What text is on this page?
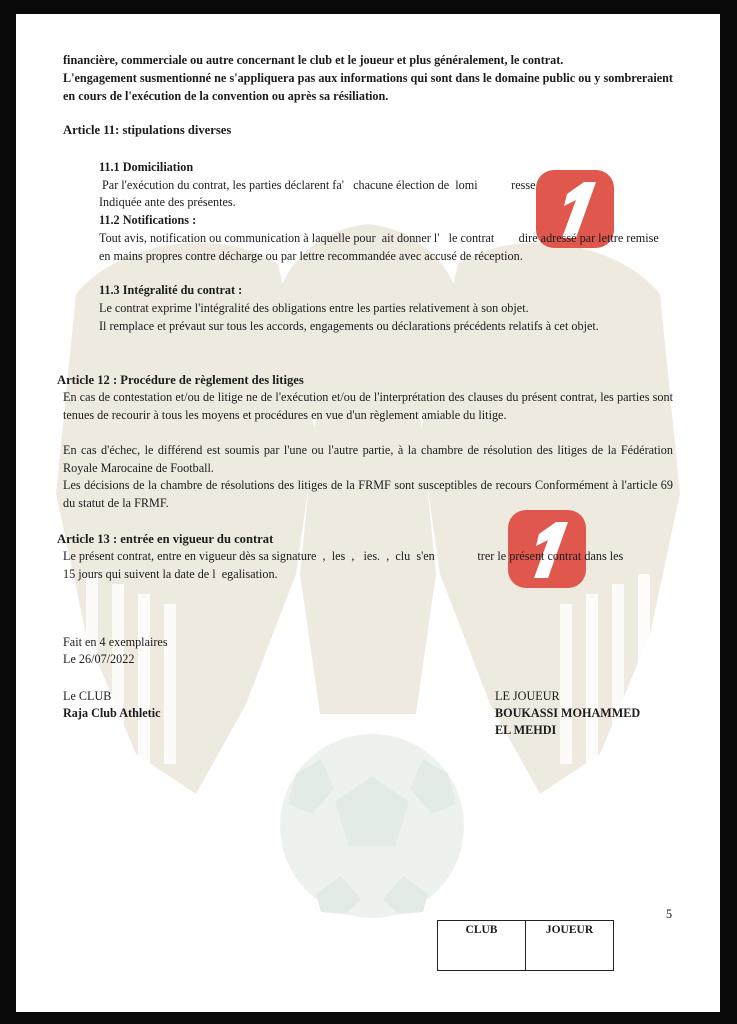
financière, commerciale ou autre concernant le club et le joueur et plus généralement, le contrat.

L'engagement susmentionné ne s'appliquera pas aux informations qui sont dans le domaine public ou y sombreraient en cours de l'exécution de la convention ou après sa résiliation.

Article 11: stipulations diverses

11.1 Domiciliation

Par l'exécution du contrat, les parties déclarent fa'   chacune élection de  lomi           resse

Indiquée ante des présentes.

11.2 Notifications :

Tout avis, notification ou communication à laquelle pour  ait donner l'   le contrat        dire adressé par lettre remise en mains propres contre décharge ou par lettre recommandée avec accusé de réception.

11.3 Intégralité du contrat :

Le contrat exprime l'intégralité des obligations entre les parties relativement à son objet.

Il remplace et prévaut sur tous les accords, engagements ou déclarations précédents relatifs à cet objet.

Article 12 : Procédure de règlement des litiges

En cas de contestation et/ou de litige ne de l'exécution et/ou de l'interprétation des clauses du présent contrat, les parties sont tenues de recourir à tous les moyens et procédures en vue d'un règlement amiable du litige.

En cas d'échec, le différend est soumis par l'une ou l'autre partie, à la chambre de résolution des litiges de la Fédération Royale Marocaine de Football.

Les décisions de la chambre de résolutions des litiges de la FRMF sont susceptibles de recours Conformément à l'article 69 du statut de la FRMF.

Article 13 : entrée en vigueur du contrat

Le présent contrat, entre en vigueur dès sa signature  ,  les  ,   ies.  ,  clu  s'en              trer le présent contrat dans les 15 jours qui suivent la date de l  egalisation.

Fait en 4 exemplaires

Le 26/07/2022

Le CLUB

Raja Club Athletic

LE JOUEUR

BOUKASSI MOHAMMED

EL MEHDI

5

CLUB	JOUEUR
